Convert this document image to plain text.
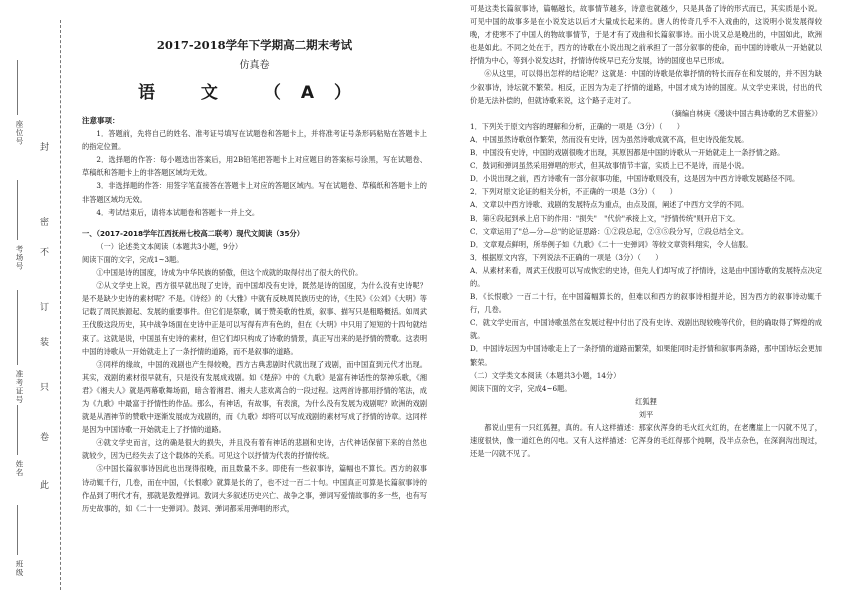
封
密
不
订
装
只
卷
此
座位号
考场号
准考证号
姓名
班级

2017-2018学年下学期高二期末考试

仿真卷

语 文 （A）

注意事项：

1．答题前，先将自己的姓名、准考证号填写在试题卷和答题卡上，并将准考证号条形码粘贴在答题卡上的指定位置。

2．选择题的作答：每小题选出答案后，用2B铅笔把答题卡上对应题目的答案标号涂黑，写在试题卷、草稿纸和答题卡上的非答题区域均无效。

3．非选择题的作答：用签字笔直接答在答题卡上对应的答题区域内。写在试题卷、草稿纸和答题卡上的非答题区域均无效。

4．考试结束后，请将本试题卷和答题卡一并上交。

一、（2017-2018学年江西抚州七校高二联考）现代文阅读（35分）

（一）论述类文本阅读（本题共3小题，9分）

阅读下面的文字，完成1~3题。

①中国是诗的国度，诗成为中华民族的骄傲，但这个成就的取得付出了很大的代价。

②从文学史上说，西方很早就出现了史诗，而中国却没有史诗，既然是诗的国度，为什么没有史诗呢？是不是缺少史诗的素材呢？不是。《诗经》的《大雅》中就有反映周民族历史的诗，《生民》《公刘》《大明》等记载了周民族源起、发展的重要事件。但它们是祭歌，属于赞美歌的性质，叙事、描写只是粗略概括。如周武王伐殷这段历史，其中战争场面在史诗中正是可以写得有声有色的，但在《大明》中只用了短短的十四句就结束了。这就是说，中国虽有史诗的素材，但它们却只构成了诗歌的情景，真正写出来的是抒情的赞歌。这表明中国的诗歌从一开始就走上了一条抒情的道路，而不是叙事的道路。

③同样的缘故，中国的戏剧也产生得较晚，西方古典悲剧时代就出现了戏剧，而中国直到元代才出现。其实，戏剧的素材很早就有，只是没有发展成戏剧。如《楚辞》中的《九歌》是富有神话性的祭神乐歌，《湘君》《湘夫人》就是两幕歌舞场面，暗含着湘君、湘夫人悲欢离合的一段过程。这两首诗都用抒情的笔法，成为《九歌》中最富于抒情性的作品。那么，有神话，有故事，有表演，为什么没有发展为戏剧呢？欧洲的戏剧就是从酒神节的赞歌中逐渐发展成为戏剧的，而《九歌》却将可以写成戏剧的素材写成了抒情的诗章。这同样是因为中国诗歌一开始就走上了抒情的道路。

④就文学史而言，这的确是很大的损失，并且没有着有神话的悲剧和史诗，古代神话保留下来的自然也就较少，因为已经失去了这个载体的关系。可见这个以抒情为代表的抒情传统。

⑤中国长篇叙事诗因此也出现得很晚，而且数量不多。即使有一些叙事诗，篇幅也不算长。西方的叙事诗动辄千行，几卷，而在中国，《长恨歌》就算是长的了，也不过一百二十句。中国真正可算是长篇叙事诗的作品到了明代才有，那就是敦煌弹词。敦词大多叙述历史兴亡、战争之事，弹词写爱情故事的多一些，也有写历史故事的，如《二十一史弹词》。鼓词、弹词都采用弹唱的形式，

可是这类长篇叙事诗，篇幅越长，故事情节越多，诗意也就越少，只是具备了诗的形式而已，其实质是小说。可见中国的故事多是在小说发达以后才大量成长起来的。唐人的传奇几乎不入戏曲的，这说明小说发展得较晚，才使寒不了中国人的物故事情节，于是才有了戏曲和长篇叙事诗。而小说又总是晚出的，中国如此，欧洲也是如此。不同之处在于，西方的诗歌在小说出现之前承担了一部分叙事的使命，而中国的诗歌从一开始就以抒情为中心，等到小说发达时，抒情诗传统早已充分发展，诗的国度也早已形成。

⑥从这里，可以得出怎样的结论呢？这就是：中国的诗歌是依靠抒情的特长而存在和发展的，并不因为缺少叙事诗，诗坛就不繁荣。相反，正因为为走了抒情的道路，中国才成为诗的国度。从文学史来说，付出的代价是无法补偿的，但就诗歌来说，这个路子走对了。

（摘编自林庚《漫谈中国古典诗歌的艺术借鉴》）

1．下列关于原文内容的理解和分析，正确的一项是（3分）（　　）

A．中国虽然诗歌创作繁荣，然而没有史诗，因为虽然诗歌成就不高，但史诗没能发展。

B．中国没有史诗，中国的戏剧很晚才出现，其原因都是中国的诗歌从一开始就走上一条抒情之路。

C．鼓词和弹词虽然采用弹唱的形式，但其故事情节丰富，实质上已不是诗，而是小说。

D．小说出现之前，西方诗歌有一部分叙事功能，中国诗歌则没有，这是因为中西方诗歌发展路径不同。

2．下列对原文论证的相关分析，不正确的一项是（3分）（　　）

A．文章以中西方诗歌、戏剧的发展特点为重点，由点及面，阐述了中西方文学的不同。

B．第④段起到承上启下的作用："损失"　"代价"承接上文，"抒情传统"则开启下文。

C．文章运用了"总—分—总"的论证思路：①②段总起，②③⑤段分写，⑦段总结全文。

D．文章观点鲜明，所举例子如《九歌》《二十一史弹词》等较文章资料翔实，令人信服。

3．根据原文内容，下列说法不正确的一项是（3分）（　　）

A．从素材来看，周武王伐殷可以写成恢宏的史诗，但先人们却写成了抒情诗，这是由中国诗歌的发展特点决定的。

B．《长恨歌》一百二十行，在中国篇幅算长的，但难以和西方的叙事诗相提并论，因为西方的叙事诗动辄千行，几卷。

C．就文学史而言，中国诗歌虽然在发展过程中付出了没有史诗、戏剧出现较晚等代价，但的确取得了辉煌的成就。

D．中国诗坛因为中国诗歌走上了一条抒情的道路而繁荣，如果能同时走抒情和叙事两条路，那中国诗坛会更加繁荣。

（二）文学类文本阅读（本题共3小题，14分）

阅读下面的文字，完成4~6题。

红狐狸

刘平

都说山里有一只红狐狸，真的。有人这样描述：那家伙浑身的毛火红火红的，在老鹰崖上一闪就不见了，速度很快，像一道红色的闪电。又有人这样描述：它浑身的毛红得那个纯啊，没半点杂色，在深涧沟出现过，还是一闪就不见了。
